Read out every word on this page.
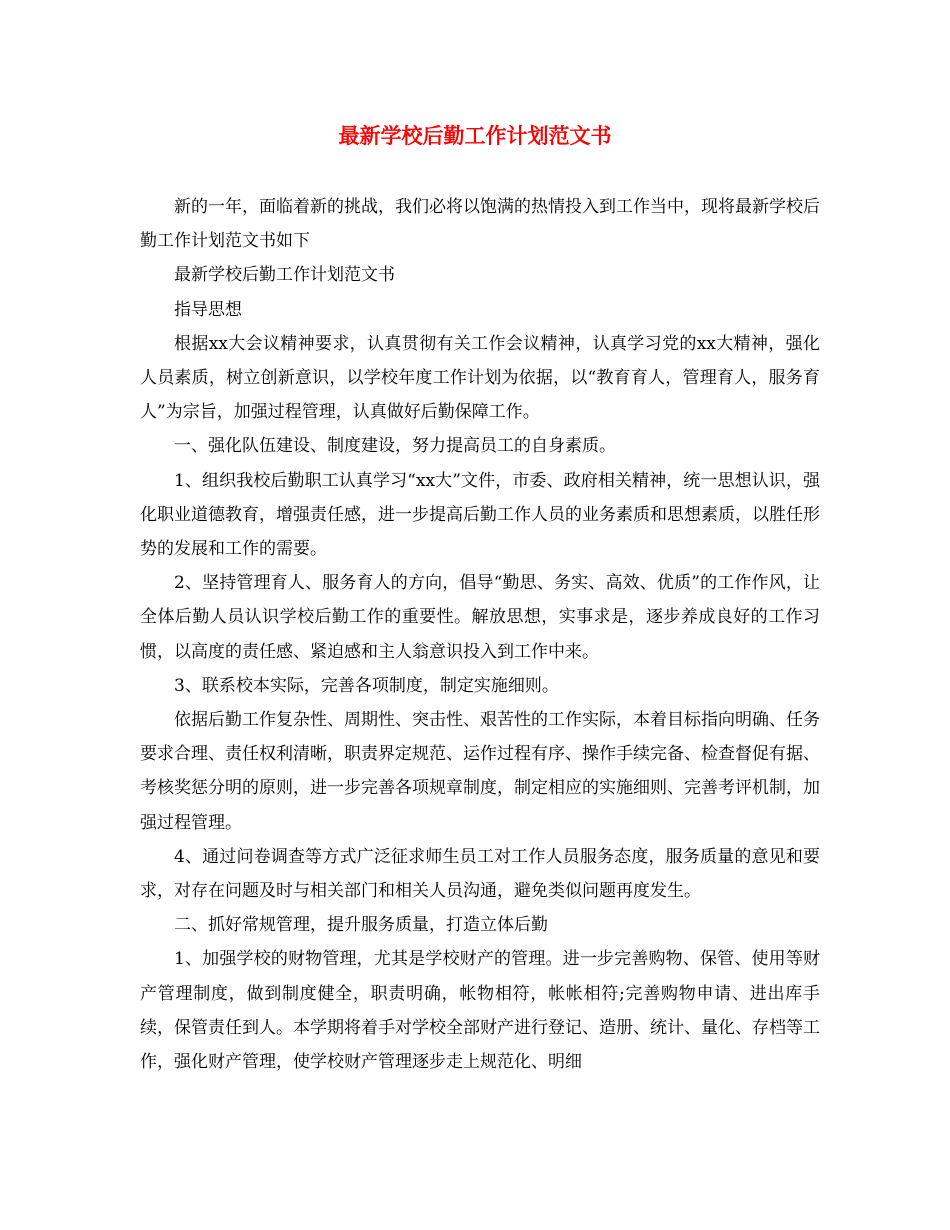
最新学校后勤工作计划范文书

新的一年，面临着新的挑战，我们必将以饱满的热情投入到工作当中，现将最新学校后勤工作计划范文书如下

最新学校后勤工作计划范文书

指导思想

根据xx大会议精神要求，认真贯彻有关工作会议精神，认真学习党的xx大精神，强化人员素质，树立创新意识，以学校年度工作计划为依据，以“教育育人，管理育人，服务育人”为宗旨，加强过程管理，认真做好后勤保障工作。

一、强化队伍建设、制度建设，努力提高员工的自身素质。

1、组织我校后勤职工认真学习“xx大”文件，市委、政府相关精神，统一思想认识，强化职业道德教育，增强责任感，进一步提高后勤工作人员的业务素质和思想素质，以胜任形势的发展和工作的需要。

2、坚持管理育人、服务育人的方向，倡导“勤思、务实、高效、优质”的工作作风，让全体后勤人员认识学校后勤工作的重要性。解放思想，实事求是，逐步养成良好的工作习惯，以高度的责任感、紧迫感和主人翁意识投入到工作中来。

3、联系校本实际，完善各项制度，制定实施细则。

依据后勤工作复杂性、周期性、突击性、艰苦性的工作实际，本着目标指向明确、任务要求合理、责任权利清晰，职责界定规范、运作过程有序、操作手续完备、检查督促有据、考核奖惩分明的原则，进一步完善各项规章制度，制定相应的实施细则、完善考评机制，加强过程管理。

4、通过问卷调查等方式广泛征求师生员工对工作人员服务态度，服务质量的意见和要求，对存在问题及时与相关部门和相关人员沟通，避免类似问题再度发生。

二、抓好常规管理，提升服务质量，打造立体后勤

1、加强学校的财物管理，尤其是学校财产的管理。进一步完善购物、保管、使用等财产管理制度，做到制度健全，职责明确，帐物相符，帐帐相符;完善购物申请、进出库手续，保管责任到人。本学期将着手对学校全部财产进行登记、造册、统计、量化、存档等工作，强化财产管理，使学校财产管理逐步走上规范化、明细
